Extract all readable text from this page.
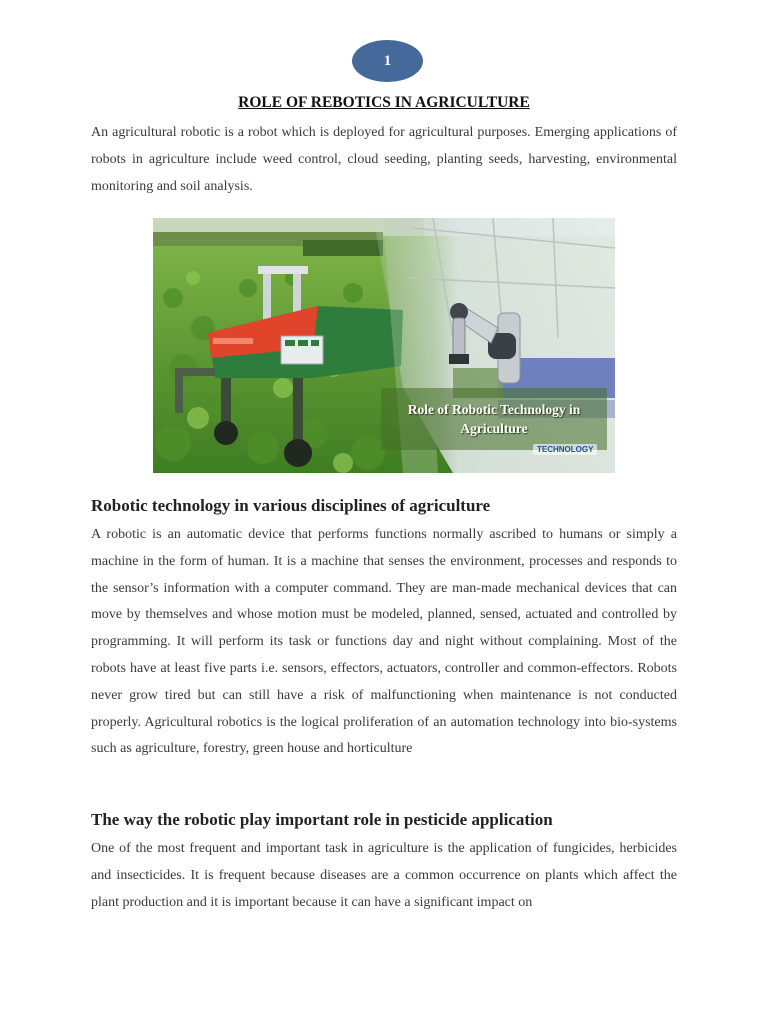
1
ROLE OF REBOTICS IN AGRICULTURE

An agricultural robotic is a robot which is deployed for agricultural purposes. Emerging applications of robots in agriculture include weed control, cloud seeding, planting seeds, harvesting, environmental monitoring and soil analysis.

Role of Robotic Technology in
Agriculture
TECHNOLOGY
Robotic technology in various disciplines of agriculture

A robotic is an automatic device that performs functions normally ascribed to humans or simply a machine in the form of human. It is a machine that senses the environment, processes and responds to the sensor’s information with a computer command. They are man-made mechanical devices that can move by themselves and whose motion must be modeled, planned, sensed, actuated and controlled by programming. It will perform its task or functions day and night without complaining. Most of the robots have at least five parts i.e. sensors, effectors, actuators, controller and common-effectors. Robots never grow tired but can still have a risk of malfunctioning when maintenance is not conducted properly. Agricultural robotics is the logical proliferation of an automation technology into bio-systems such as agriculture, forestry, green house and horticulture

The way the robotic play important role in pesticide application

One of the most frequent and important task in agriculture is the application of fungicides, herbicides and insecticides. It is frequent because diseases are a common occurrence on plants which affect the plant production and it is important because it can have a significant impact on
